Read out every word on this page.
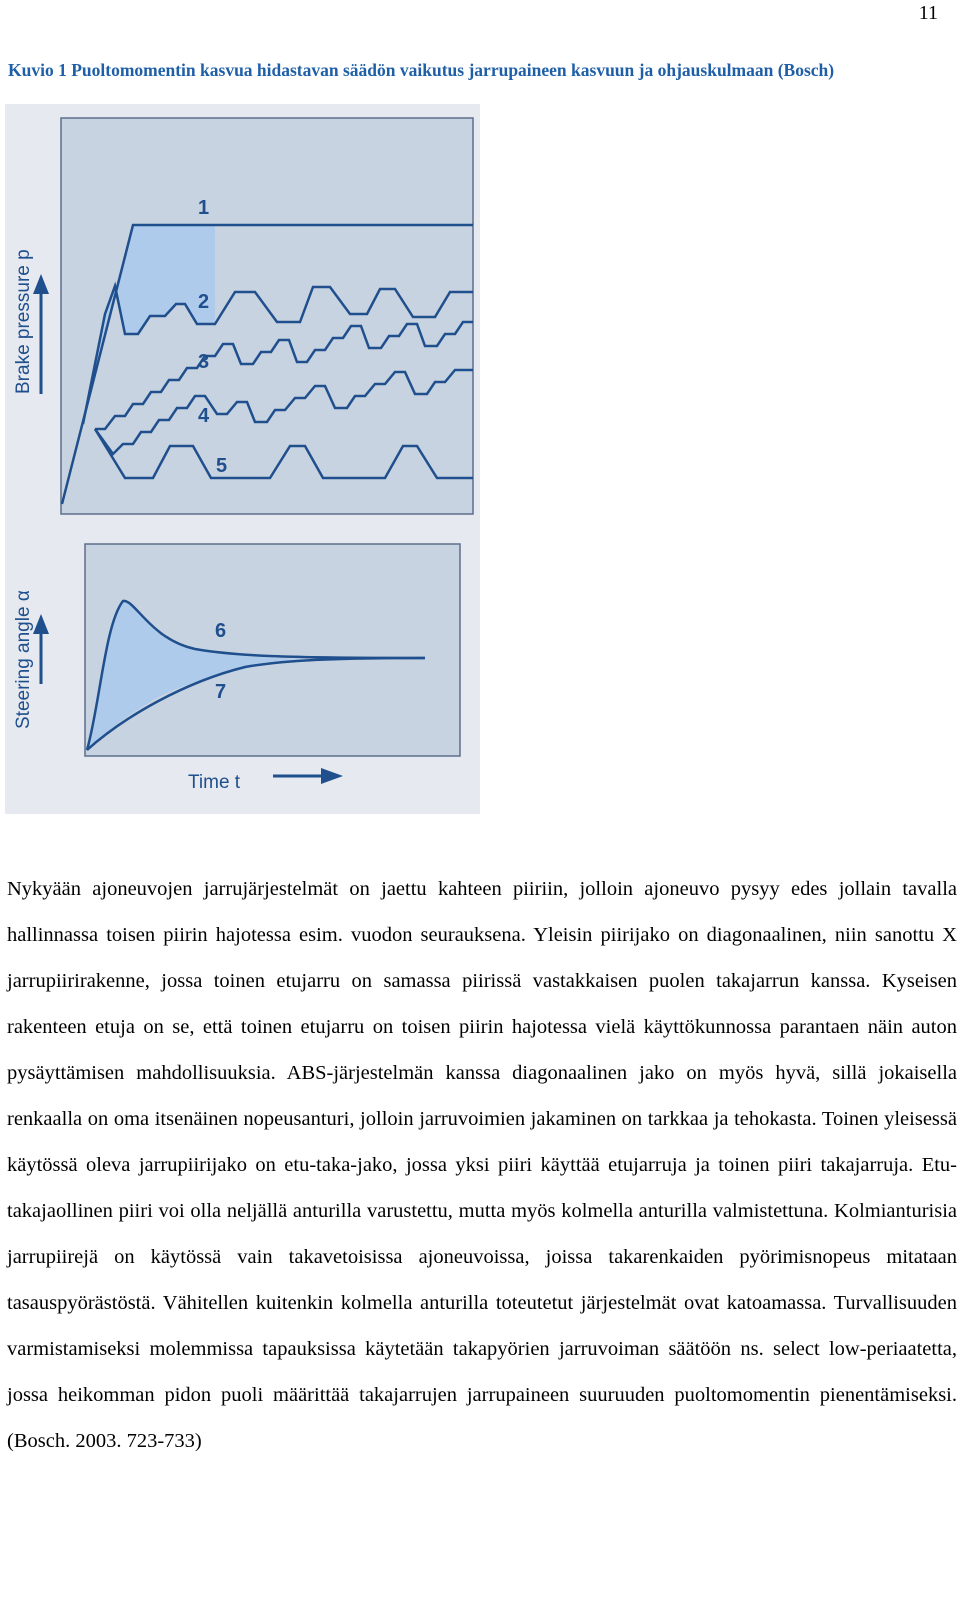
11
Kuvio 1 Puoltomomentin kasvua hidastavan säädön vaikutus jarrupaineen kasvuun ja ohjauskulmaan (Bosch)
Brake pressure p
1
2
3
4
5
Steering angle α	6
7
Time t

Nykyään ajoneuvojen jarrujärjestelmät on jaettu kahteen piiriin, jolloin ajoneuvo pysyy edes jollain tavalla hallinnassa toisen piirin hajotessa esim. vuodon seurauksena. Yleisin piirijako on diagonaalinen, niin sanottu X jarrupiirirakenne, jossa toinen etujarru on samassa piirissä vastakkaisen puolen takajarrun kanssa. Kyseisen rakenteen etuja on se, että toinen etujarru on toisen piirin hajotessa vielä käyttökunnossa parantaen näin auton pysäyttämisen mahdollisuuksia. ABS-järjestelmän kanssa diagonaalinen jako on myös hyvä, sillä jokaisella renkaalla on oma itsenäinen nopeusanturi, jolloin jarruvoimien jakaminen on tarkkaa ja tehokasta. Toinen yleisessä käytössä oleva jarrupiirijako on etu-taka-jako, jossa yksi piiri käyttää etujarruja ja toinen piiri takajarruja. Etu-takajaollinen piiri voi olla neljällä anturilla varustettu, mutta myös kolmella anturilla valmistettuna. Kolmianturisia jarrupiirejä on käytössä vain takavetoisissa ajoneuvoissa, joissa takarenkaiden pyörimisnopeus mitataan tasauspyörästöstä. Vähitellen kuitenkin kolmella anturilla toteutetut järjestelmät ovat katoamassa. Turvallisuuden varmistamiseksi molemmissa tapauksissa käytetään takapyörien jarruvoiman säätöön ns. select low-periaatetta, jossa heikomman pidon puoli määrittää takajarrujen jarrupaineen suuruuden puoltomomentin pienentämiseksi. (Bosch. 2003. 723-733)
